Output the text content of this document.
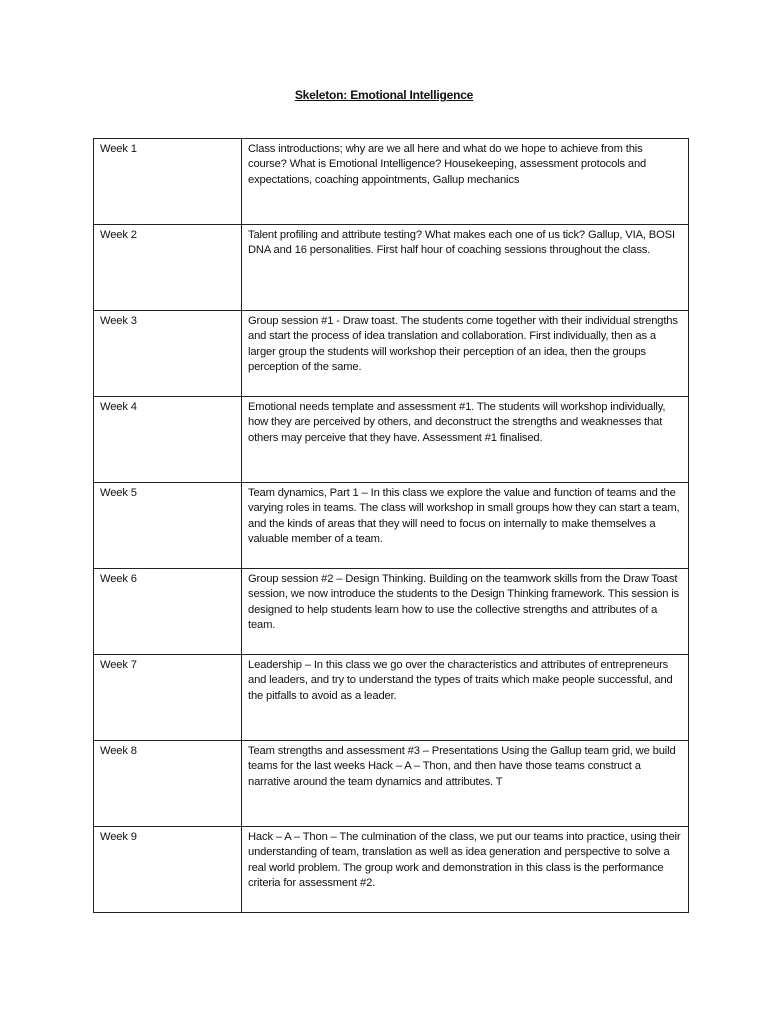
Skeleton: Emotional Intelligence
Week 1	Class introductions; why are we all here and what do we hope to achieve from this course? What is Emotional Intelligence? Housekeeping, assessment protocols and expectations, coaching appointments, Gallup mechanics
Week 2	Talent profiling and attribute testing? What makes each one of us tick? Gallup, VIA, BOSI DNA and 16 personalities. First half hour of coaching sessions throughout the class.
Week 3	Group session #1 - Draw toast. The students come together with their individual strengths and start the process of idea translation and collaboration. First individually, then as a larger group the students will workshop their perception of an idea, then the groups perception of the same.
Week 4	Emotional needs template and assessment #1. The students will workshop individually, how they are perceived by others, and deconstruct the strengths and weaknesses that others may perceive that they have. Assessment #1 finalised.
Week 5	Team dynamics, Part 1 – In this class we explore the value and function of teams and the varying roles in teams. The class will workshop in small groups how they can start a team, and the kinds of areas that they will need to focus on internally to make themselves a valuable member of a team.
Week 6	Group session #2 – Design Thinking. Building on the teamwork skills from the Draw Toast session, we now introduce the students to the Design Thinking framework. This session is designed to help students learn how to use the collective strengths and attributes of a team.
Week 7	Leadership – In this class we go over the characteristics and attributes of entrepreneurs and leaders, and try to understand the types of traits which make people successful, and the pitfalls to avoid as a leader.
Week 8	Team strengths and assessment #3 – Presentations Using the Gallup team grid, we build teams for the last weeks Hack – A – Thon, and then have those teams construct a narrative around the team dynamics and attributes. T
Week 9	Hack – A – Thon – The culmination of the class, we put our teams into practice, using their understanding of team, translation as well as idea generation and perspective to solve a real world problem. The group work and demonstration in this class is the performance criteria for assessment #2.
